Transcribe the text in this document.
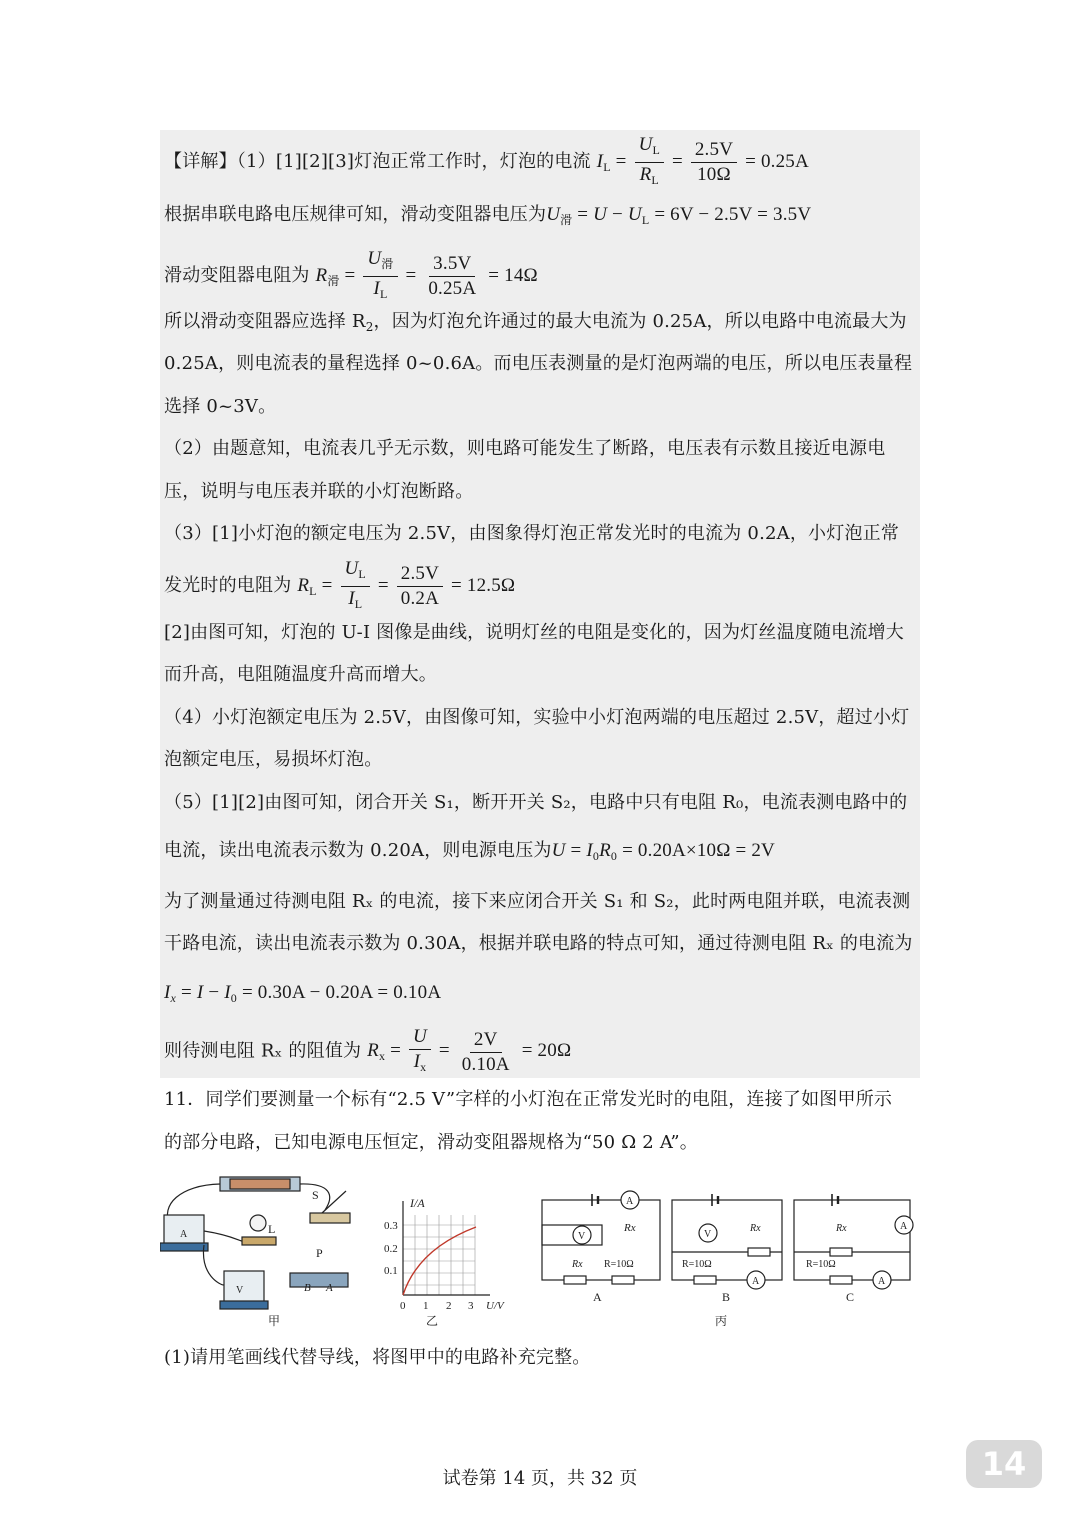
【详解】（1）[1][2][3]灯泡正常工作时，灯泡的电流 $I_L = \frac{U_L}{R_L} = \frac{2.5V}{10\Omega} = 0.25A$
根据串联电路电压规律可知，滑动变阻器电压为$U_滑 = U - U_L = 6V - 2.5V = 3.5V$
滑动变阻器电阻为 $R_滑 = \frac{U_滑}{I_L} = \frac{3.5V}{0.25A} = 14\Omega$
所以滑动变阻器应选择 $R_2$，因为灯泡允许通过的最大电流为 0.25A，所以电路中电流最大为
0.25A，则电流表的量程选择 0~0.6A。而电压表测量的是灯泡两端的电压，所以电压表量程
选择 0~3V。
（2）由题意知，电流表几乎无示数，则电路可能发生了断路，电压表有示数且接近电源电
压，说明与电压表并联的小灯泡断路。
（3）[1]小灯泡的额定电压为 2.5V，由图象得灯泡正常发光时的电流为 0.2A，小灯泡正常
发光时的电阻为 $R_L = \frac{U_L}{I_L} = \frac{2.5V}{0.2A} = 12.5\Omega$
[2]由图可知，灯泡的 U-I 图像是曲线，说明灯丝的电阻是变化的，因为灯丝温度随电流增大
而升高，电阻随温度升高而增大。
（4）小灯泡额定电压为 2.5V，由图像可知，实验中小灯泡两端的电压超过 2.5V，超过小灯
泡额定电压，易损坏灯泡。
（5）[1][2]由图可知，闭合开关 S₁，断开开关 S₂，电路中只有电阻 R₀，电流表测电路中的
电流，读出电流表示数为 0.20A，则电源电压为$U = I_0R_0 = 0.20A\times 10\Omega = 2V$
为了测量通过待测电阻 Rₓ 的电流，接下来应闭合开关 S₁ 和 S₂，此时两电阻并联，电流表测
干路电流，读出电流表示数为 0.30A，根据并联电路的特点可知，通过待测电阻 Rₓ 的电流为
$I_x = I - I_0 = 0.30A - 0.20A = 0.10A$
则待测电阻 Rₓ 的阻值为 $R_x = \frac{U}{I_x} = \frac{2V}{0.10A} = 20\Omega$
11．同学们要测量一个标有“2.5 V”字样的小灯泡在正常发光时的电阻，连接了如图甲所示
的部分电路，已知电源电压恒定，滑动变阻器规格为“50 Ω 2 A”。
A	L
S
V
P
B A
甲
I/A
0.3
0.2
0.1
0 1 2 3 U/V
乙
A
V
Rx
Rx R=10Ω
A
V
A
Rx
R=10Ω
B
A
A
Rx
R=10Ω
C
丙
(1)请用笔画线代替导线，将图甲中的电路补充完整。
试卷第 14 页，共 32 页	14
